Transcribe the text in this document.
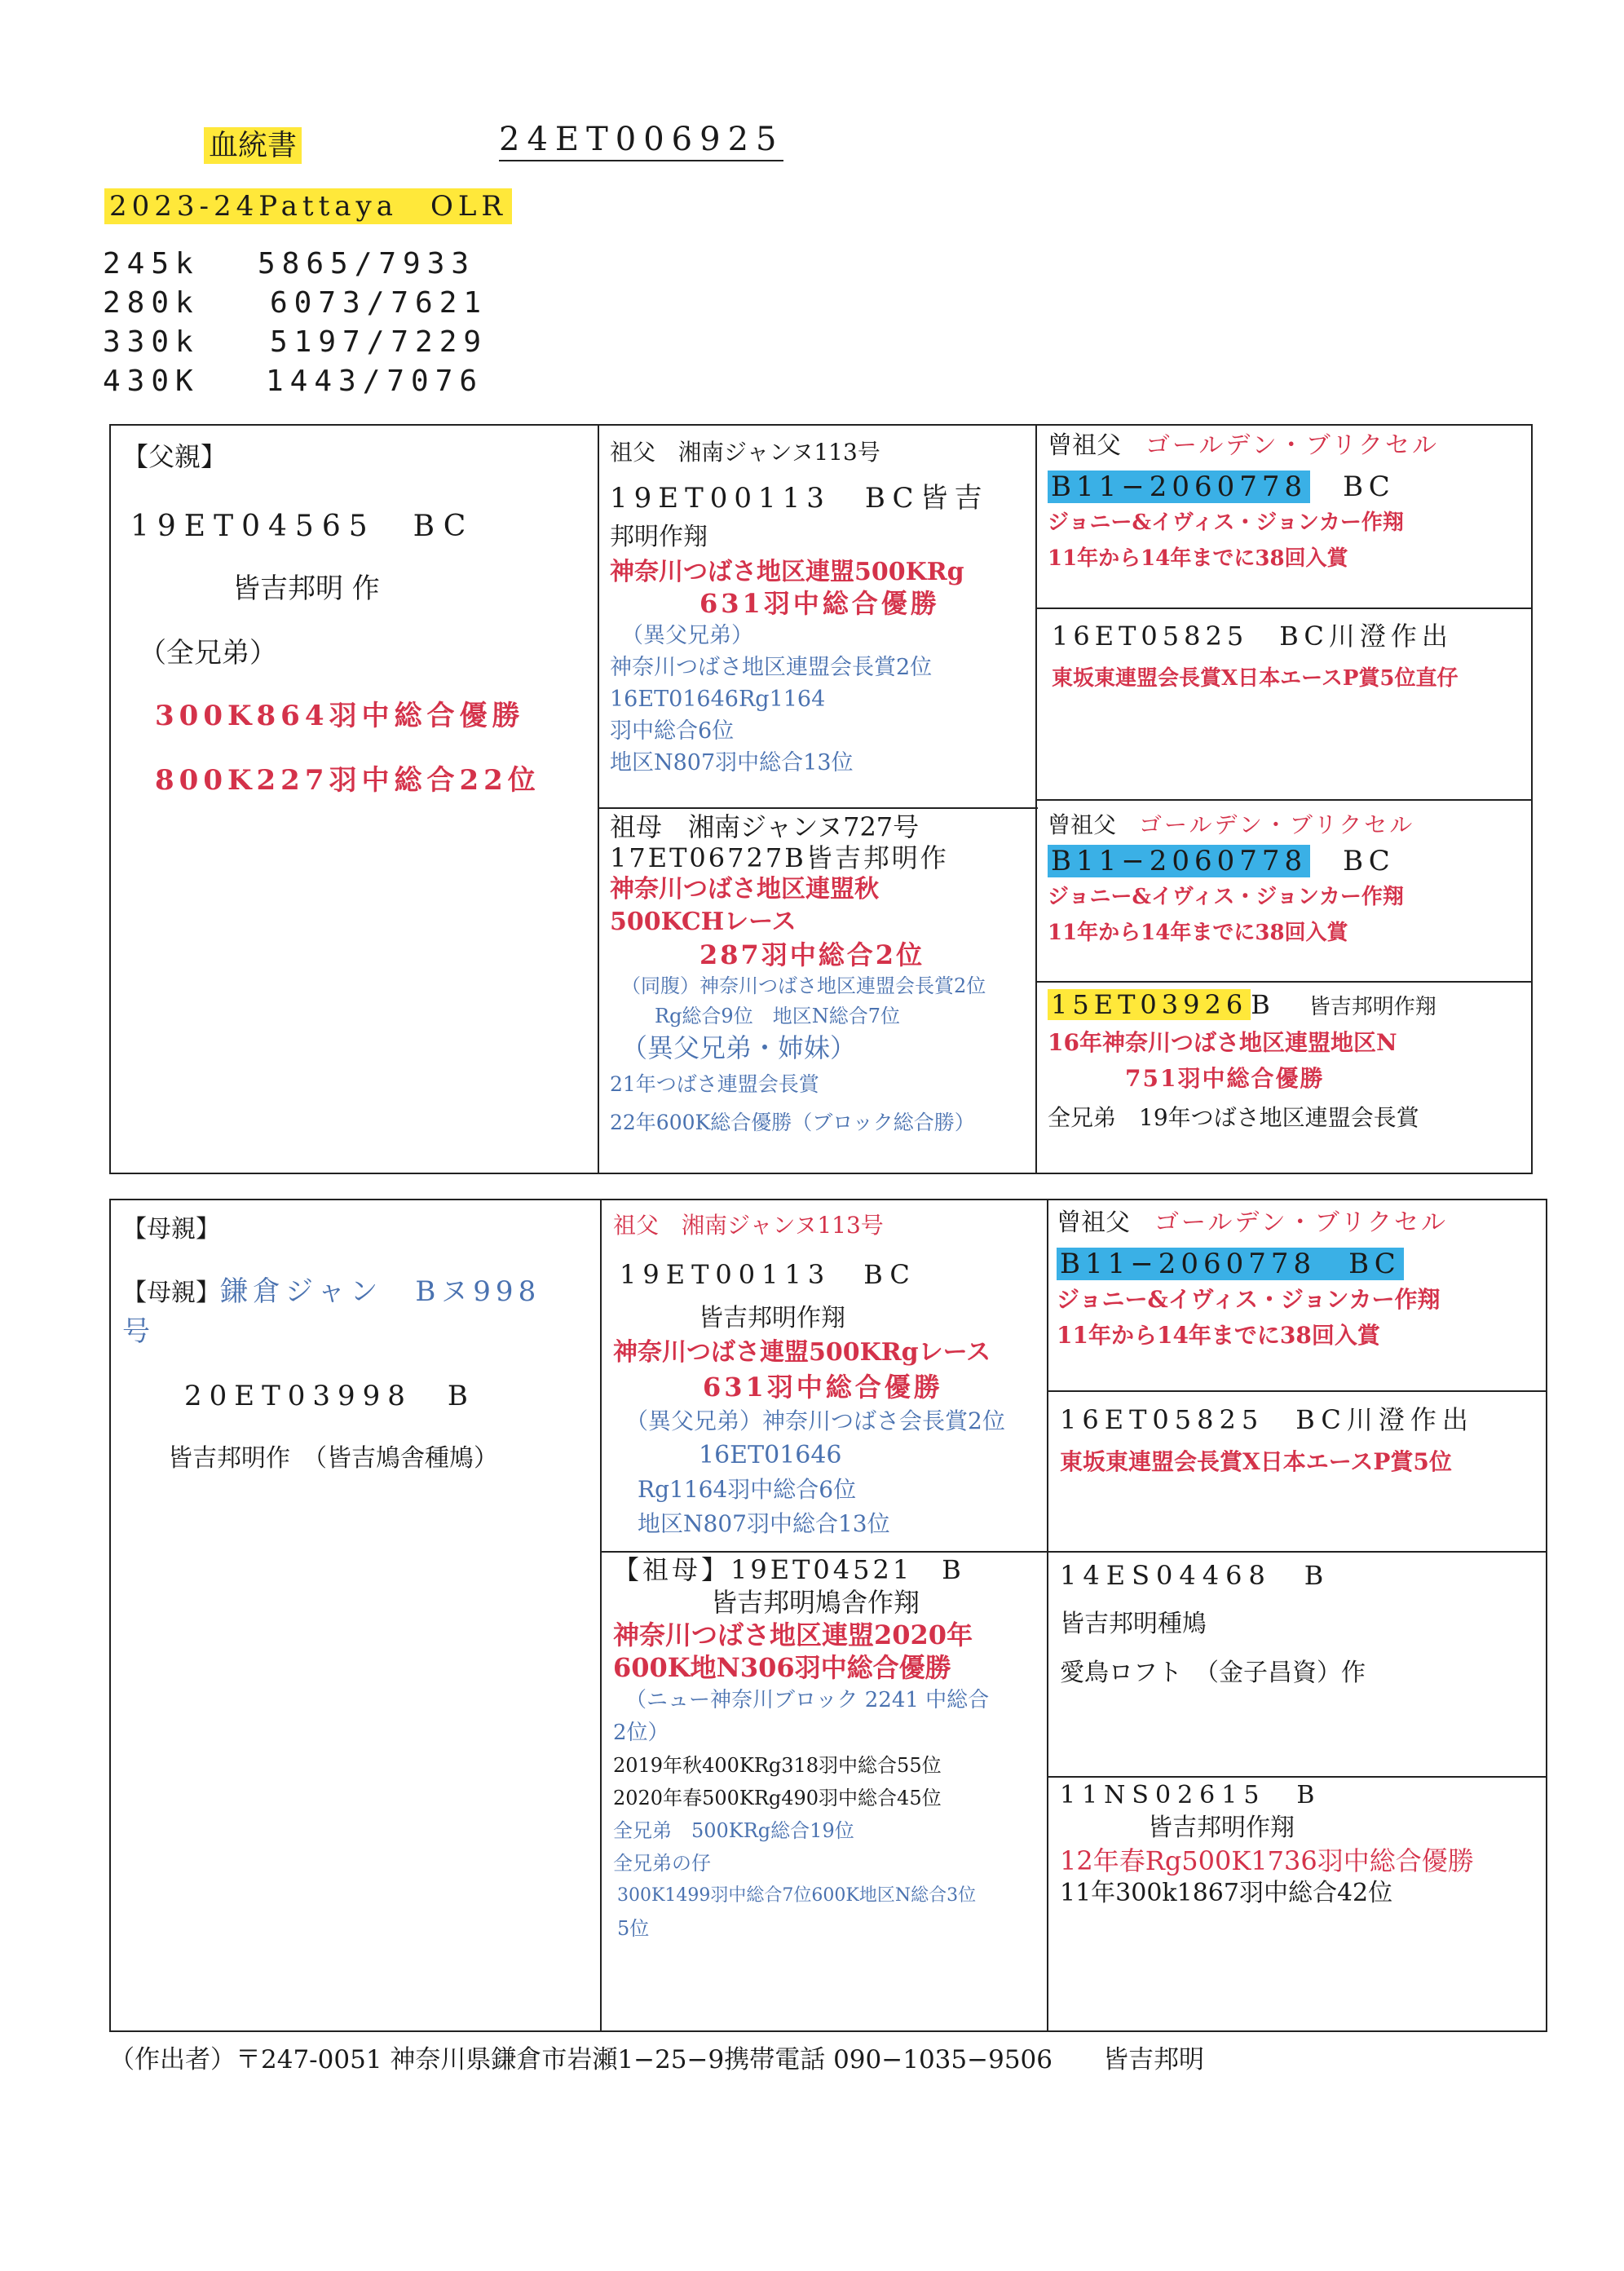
血統書	24ET006925
2023-24Pattaya　OLR
245k 5865/7933
280k 6073/7621
330k 5197/7229
430K 1443/7076
【父親】
19ET04565　BC
皆吉邦明 作
（全兄弟）
300K864羽中総合優勝
800K227羽中総合22位
祖父　湘南ジャンヌ113号
19ET00113　BC皆吉
邦明作翔
神奈川つばさ地区連盟500KRg
631羽中総合優勝
（異父兄弟）
神奈川つばさ地区連盟会長賞2位
16ET01646Rg1164
羽中総合6位
地区N807羽中総合13位
曾祖父　 ゴールデン・ブリクセル
B11−2060778　 BC
ジョニー&イヴィス・ジョンカー作翔
11年から14年までに38回入賞
16ET05825　BC川澄作出
東坂東連盟会長賞X日本エースP賞5位直仔
祖母　湘南ジャンヌ727号
17ET06727B皆吉邦明作
神奈川つばさ地区連盟秋
500KCHレース
287羽中総合2位
（同腹）神奈川つばさ地区連盟会長賞2位
Rg総合9位　地区N総合7位
（異父兄弟・姉妹）
21年つばさ連盟会長賞
22年600K総合優勝（ブロック総合勝）
曾祖父　 ゴールデン・ブリクセル
B11−2060778　 BC
ジョニー&イヴィス・ジョンカー作翔
11年から14年までに38回入賞
15ET03926 B　 皆吉邦明作翔
16年神奈川つばさ地区連盟地区N
751羽中総合優勝
全兄弟　19年つばさ地区連盟会長賞
【母親】
【母親】鎌倉ジャン　Bヌ998
号
20ET03998　B
皆吉邦明作　（皆吉鳩舎種鳩）
祖父　湘南ジャンヌ113号
19ET00113　BC
皆吉邦明作翔
神奈川つばさ連盟500KRgレース
631羽中総合優勝
（異父兄弟）神奈川つばさ会長賞2位
16ET01646
Rg1164羽中総合6位
地区N807羽中総合13位
曾祖父　 ゴールデン・ブリクセル
B11−2060778　BC
ジョニー&イヴィス・ジョンカー作翔
11年から14年までに38回入賞
16ET05825　BC川澄作出
東坂東連盟会長賞X日本エースP賞5位
【祖母】19ET04521　B
皆吉邦明鳩舎作翔
神奈川つばさ地区連盟2020年
600K地N306羽中総合優勝
（ニュー神奈川ブロック 2241 中総合
2位）
2019年秋400KRg318羽中総合55位
2020年春500KRg490羽中総合45位
全兄弟　500KRg総合19位
全兄弟の仔
300K1499羽中総合7位600K地区N総合3位
5位
14ES04468　B
皆吉邦明種鳩
愛鳥ロフト　（金子昌資）作
11NS02615　B
皆吉邦明作翔
12年春Rg500K1736羽中総合優勝
11年300k1867羽中総合42位
（作出者）〒247-0051 神奈川県鎌倉市岩瀬1−25−9携帯電話 090−1035−9506　　皆吉邦明
